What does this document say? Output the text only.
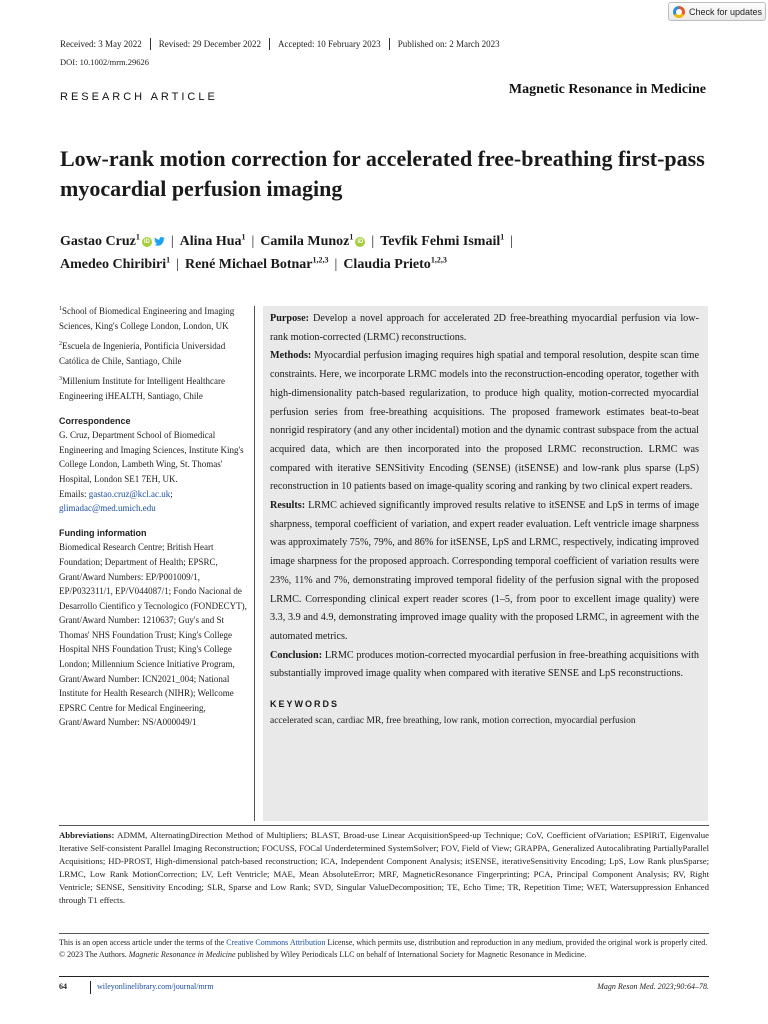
Check for updates
Received: 3 May 2022	Revised: 29 December 2022	Accepted: 10 February 2023	Published on: 2 March 2023
DOI: 10.1002/mrm.29626
RESEARCH ARTICLE	Magnetic Resonance in Medicine
Low-rank motion correction for accelerated free-breathing first-pass myocardial perfusion imaging
Gastao Cruz$^1$iD | Alina Hua$^1$ | Camila Munoz$^1$iD | Tevfik Fehmi Ismail$^1$ |
Amedeo Chiribiri$^1$ | René Michael Botnar$^{1,2,3}$ | Claudia Prieto$^{1,2,3}$
$^1$School of Biomedical Engineering and Imaging Sciences, King's College London, London, UK
$^2$Escuela de Ingeniería, Pontificia Universidad Católica de Chile, Santiago, Chile
$^3$Millenium Institute for Intelligent Healthcare Engineering iHEALTH, Santiago, Chile
Correspondence
G. Cruz, Department School of Biomedical Engineering and Imaging Sciences, Institute King's College London, Lambeth Wing, St. Thomas' Hospital, London SE1 7EH, UK.
Emails: gastao.cruz@kcl.ac.uk;
glimadac@med.umich.edu
Funding information
Biomedical Research Centre; British Heart Foundation; Department of Health; EPSRC, Grant/Award Numbers: EP/P001009/1, EP/P032311/1, EP/V044087/1; Fondo Nacional de Desarrollo Cientifico y Tecnologico (FONDECYT), Grant/Award Number: 1210637; Guy's and St Thomas' NHS Foundation Trust; King's College Hospital NHS Foundation Trust; King's College London; Millennium Science Initiative Program, Grant/Award Number: ICN2021_004; National Institute for Health Research (NIHR); Wellcome EPSRC Centre for Medical Engineering, Grant/Award Number: NS/A000049/1

Purpose: Develop a novel approach for accelerated 2D free-breathing myocardial perfusion via low-rank motion-corrected (LRMC) reconstructions.

Methods: Myocardial perfusion imaging requires high spatial and temporal resolution, despite scan time constraints. Here, we incorporate LRMC models into the reconstruction-encoding operator, together with high-dimensionality patch-based regularization, to produce high quality, motion-corrected myocardial perfusion series from free-breathing acquisitions. The proposed framework estimates beat-to-beat nonrigid respiratory (and any other incidental) motion and the dynamic contrast subspace from the actual acquired data, which are then incorporated into the proposed LRMC reconstruction. LRMC was compared with iterative SENSitivity Encoding (SENSE) (itSENSE) and low-rank plus sparse (LpS) reconstruction in 10 patients based on image-quality scoring and ranking by two clinical expert readers.

Results: LRMC achieved significantly improved results relative to itSENSE and LpS in terms of image sharpness, temporal coefficient of variation, and expert reader evaluation. Left ventricle image sharpness was approximately 75%, 79%, and 86% for itSENSE, LpS and LRMC, respectively, indicating improved image sharpness for the proposed approach. Corresponding temporal coefficient of variation results were 23%, 11% and 7%, demonstrating improved temporal fidelity of the perfusion signal with the proposed LRMC. Corresponding clinical expert reader scores (1–5, from poor to excellent image quality) were 3.3, 3.9 and 4.9, demonstrating improved image quality with the proposed LRMC, in agreement with the automated metrics.

Conclusion: LRMC produces motion-corrected myocardial perfusion in free-breathing acquisitions with substantially improved image quality when compared with iterative SENSE and LpS reconstructions.

KEYWORDS
accelerated scan, cardiac MR, free breathing, low rank, motion correction, myocardial perfusion
Abbreviations: ADMM, AlternatingDirection Method of Multipliers; BLAST, Broad-use Linear AcquisitionSpeed-up Technique; CoV, Coefficient ofVariation; ESPIRiT, Eigenvalue Iterative Self-consistent Parallel Imaging Reconstruction; FOCUSS, FOCal Underdetermined SystemSolver; FOV, Field of View; GRAPPA, Generalized Autocalibrating PartiallyParallel Acquisitions; HD-PROST, High-dimensional patch-based reconstruction; ICA, Independent Component Analysis; itSENSE, iterativeSensitivity Encoding; LpS, Low Rank plusSparse; LRMC, Low Rank MotionCorrection; LV, Left Ventricle; MAE, Mean AbsoluteError; MRF, MagneticResonance Fingerprinting; PCA, Principal Component Analysis; RV, Right Ventricle; SENSE, Sensitivity Encoding; SLR, Sparse and Low Rank; SVD, Singular ValueDecomposition; TE, Echo Time; TR, Repetition Time; WET, Watersuppression Enhanced through T1 effects.
This is an open access article under the terms of the Creative Commons Attribution License, which permits use, distribution and reproduction in any medium, provided the original work is properly cited.
© 2023 The Authors. Magnetic Resonance in Medicine published by Wiley Periodicals LLC on behalf of International Society for Magnetic Resonance in Medicine.
64	wileyonlinelibrary.com/journal/mrm	Magn Reson Med. 2023;90:64–78.
